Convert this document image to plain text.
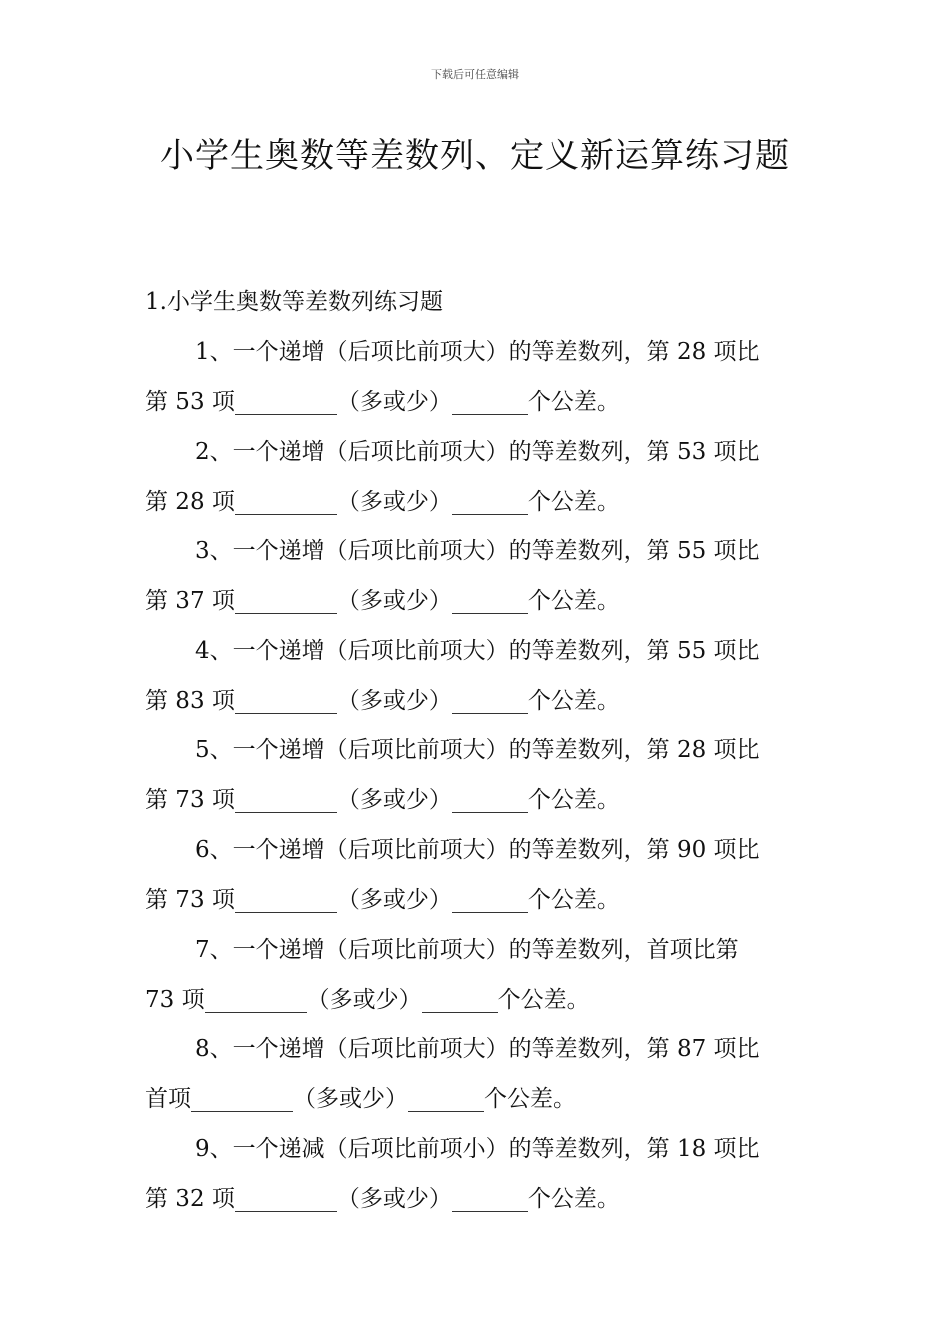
下载后可任意编辑
小学生奥数等差数列、定义新运算练习题
1.小学生奥数等差数列练习题
1、一个递增（后项比前项大）的等差数列，第 28 项比
第 53 项	（多或少）	个公差。
2、一个递增（后项比前项大）的等差数列，第 53 项比
第 28 项	（多或少）	个公差。
3、一个递增（后项比前项大）的等差数列，第 55 项比
第 37 项	（多或少）	个公差。
4、一个递增（后项比前项大）的等差数列，第 55 项比
第 83 项	（多或少）	个公差。
5、一个递增（后项比前项大）的等差数列，第 28 项比
第 73 项	（多或少）	个公差。
6、一个递增（后项比前项大）的等差数列，第 90 项比
第 73 项	（多或少）	个公差。
7、一个递增（后项比前项大）的等差数列，首项比第
73 项	（多或少）	个公差。
8、一个递增（后项比前项大）的等差数列，第 87 项比
首项	（多或少）	个公差。
9、一个递减（后项比前项小）的等差数列，第 18 项比
第 32 项	（多或少）	个公差。
